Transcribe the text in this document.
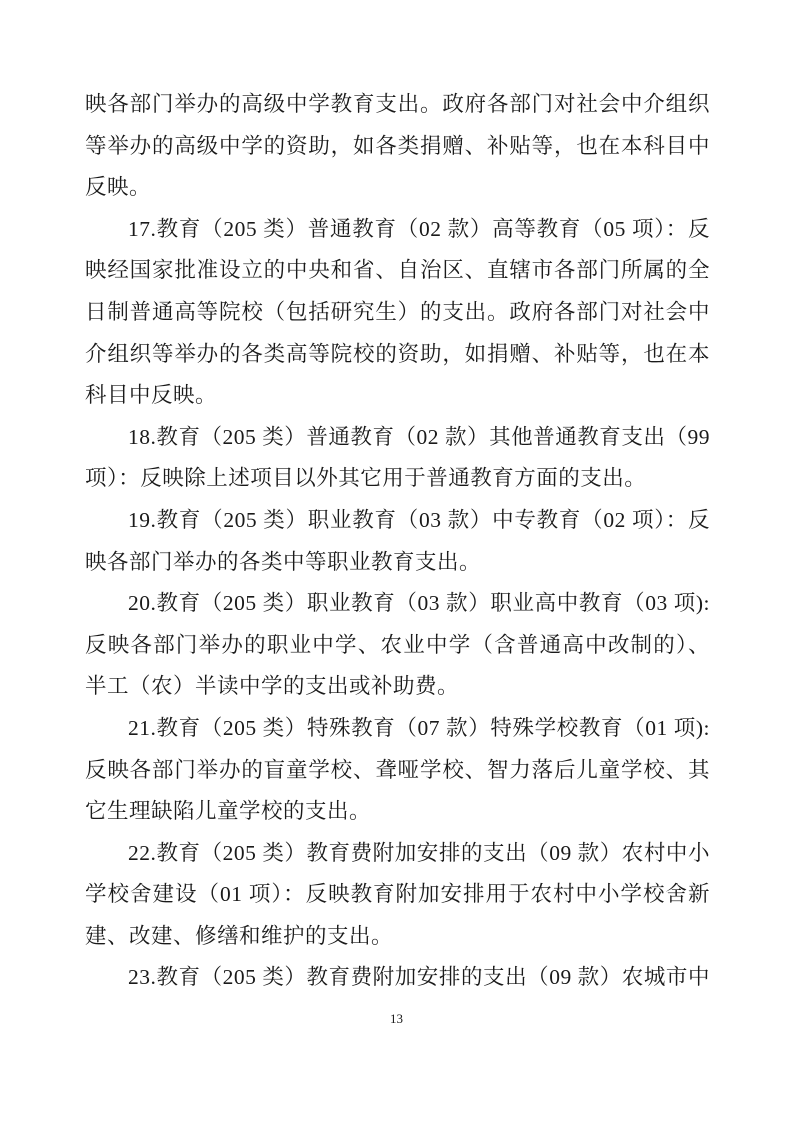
映各部门举办的高级中学教育支出。政府各部门对社会中介组织
等举办的高级中学的资助，如各类捐赠、补贴等，也在本科目中
反映。
17.教育（205 类）普通教育（02 款）高等教育（05 项）：反
映经国家批准设立的中央和省、自治区、直辖市各部门所属的全
日制普通高等院校（包括研究生）的支出。政府各部门对社会中
介组织等举办的各类高等院校的资助，如捐赠、补贴等，也在本
科目中反映。
18.教育（205 类）普通教育（02 款）其他普通教育支出（99
项）：反映除上述项目以外其它用于普通教育方面的支出。
19.教育（205 类）职业教育（03 款）中专教育（02 项）：反
映各部门举办的各类中等职业教育支出。
20.教育（205 类）职业教育（03 款）职业高中教育（03 项):
反映各部门举办的职业中学、农业中学（含普通高中改制的）、
半工（农）半读中学的支出或补助费。
21.教育（205 类）特殊教育（07 款）特殊学校教育（01 项):
反映各部门举办的盲童学校、聋哑学校、智力落后儿童学校、其
它生理缺陷儿童学校的支出。
22.教育（205 类）教育费附加安排的支出（09 款）农村中小
学校舍建设（01 项）：反映教育附加安排用于农村中小学校舍新
建、改建、修缮和维护的支出。
23.教育（205 类）教育费附加安排的支出（09 款）农城市中
13
